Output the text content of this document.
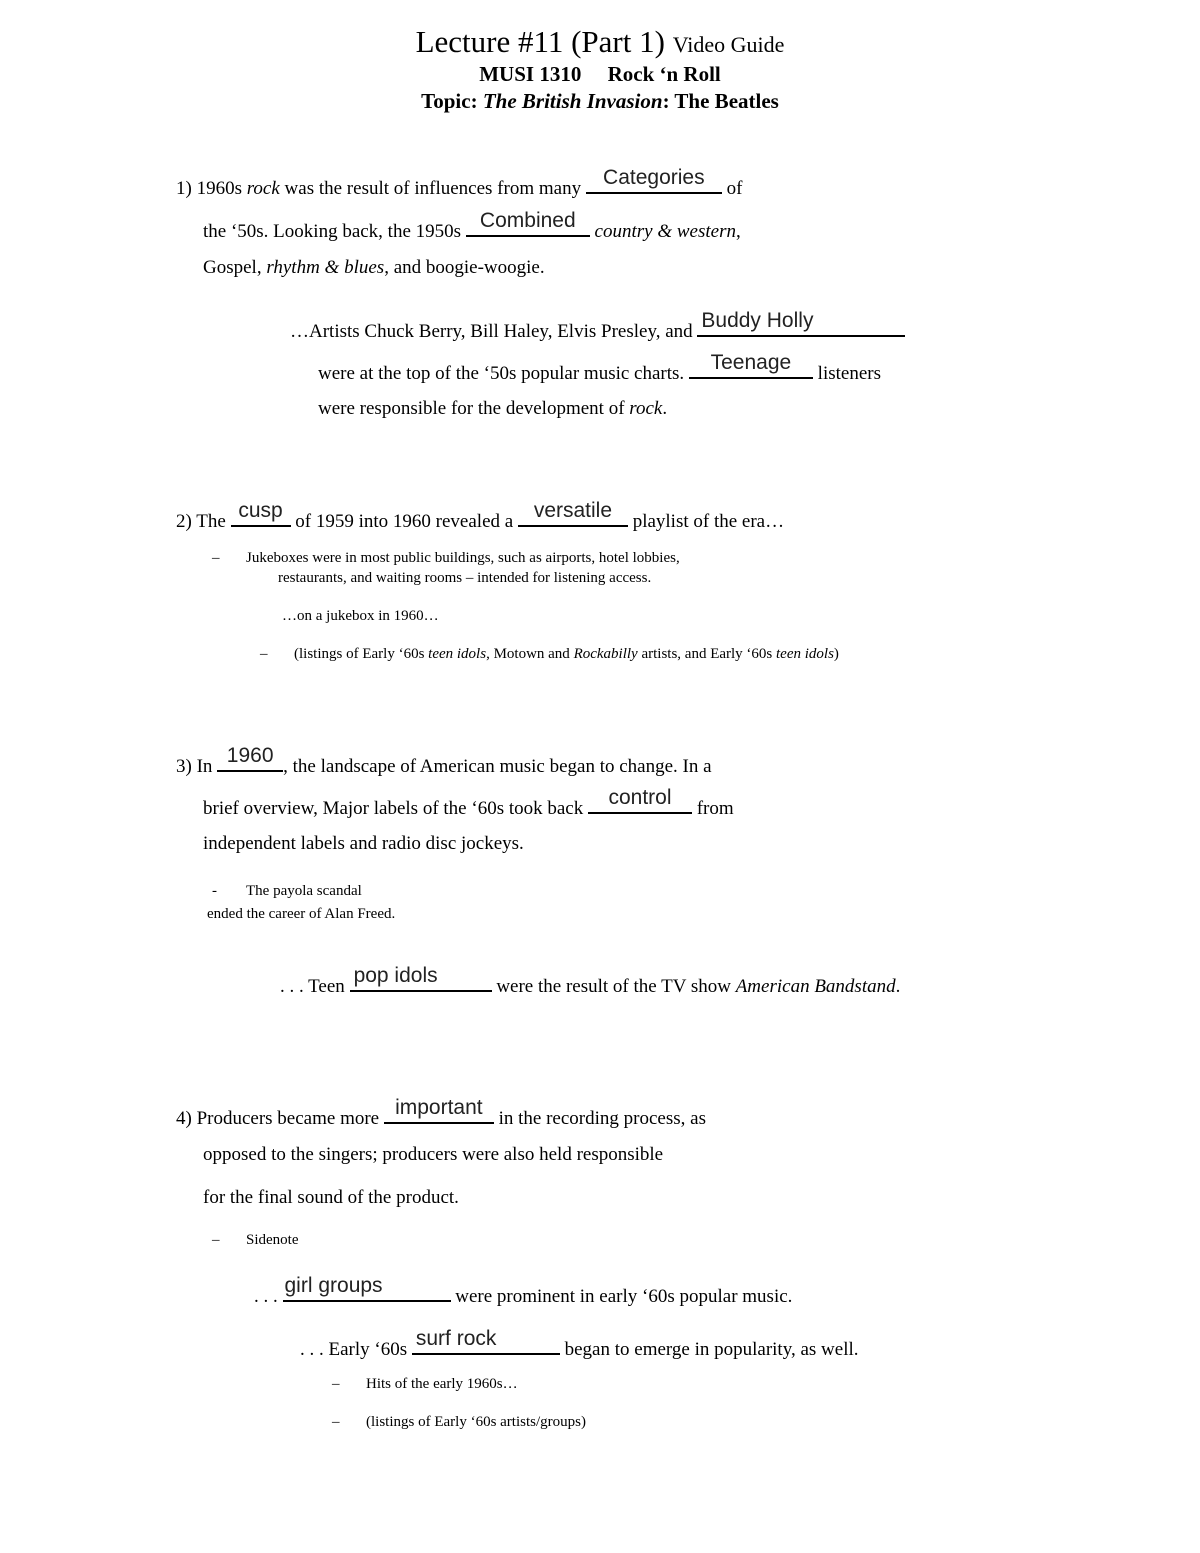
Lecture #11 (Part 1) Video Guide
MUSI 1310 Rock ‘n Roll
Topic: The British Invasion: The Beatles
1) 1960s rock was the result of influences from many Categories of
the ‘50s. Looking back, the 1950s Combined country & western,
Gospel, rhythm & blues, and boogie-woogie.
…Artists Chuck Berry, Bill Haley, Elvis Presley, and Buddy Holly
were at the top of the ‘50s popular music charts.	Teenage	listeners
were responsible for the development of rock.
2) The cusp of 1959 into 1960 revealed a versatile playlist of the era…
– Jukeboxes were in most public buildings, such as airports, hotel lobbies,
restaurants, and waiting rooms – intended for listening access.
…on a jukebox in 1960…
– (listings of Early ‘60s teen idols, Motown and Rockabilly artists, and Early ‘60s teen idols)
3) In 1960 , the landscape of American music began to change. In a
brief overview, Major labels of the ‘60s took back control	from
independent labels and radio disc jockeys.
- The payola scandal
ended the career of Alan Freed.
. . . Teen pop idols	were the result of the TV show American Bandstand.
4) Producers became more important in the recording process, as
opposed to the singers; producers were also held responsible
for the final sound of the product.
– Sidenote
. . . girl groups	were prominent in early ‘60s popular music.
. . . Early ‘60s surf rock	began to emerge in popularity, as well.
– Hits of the early 1960s…
– (listings of Early ‘60s artists/groups)
